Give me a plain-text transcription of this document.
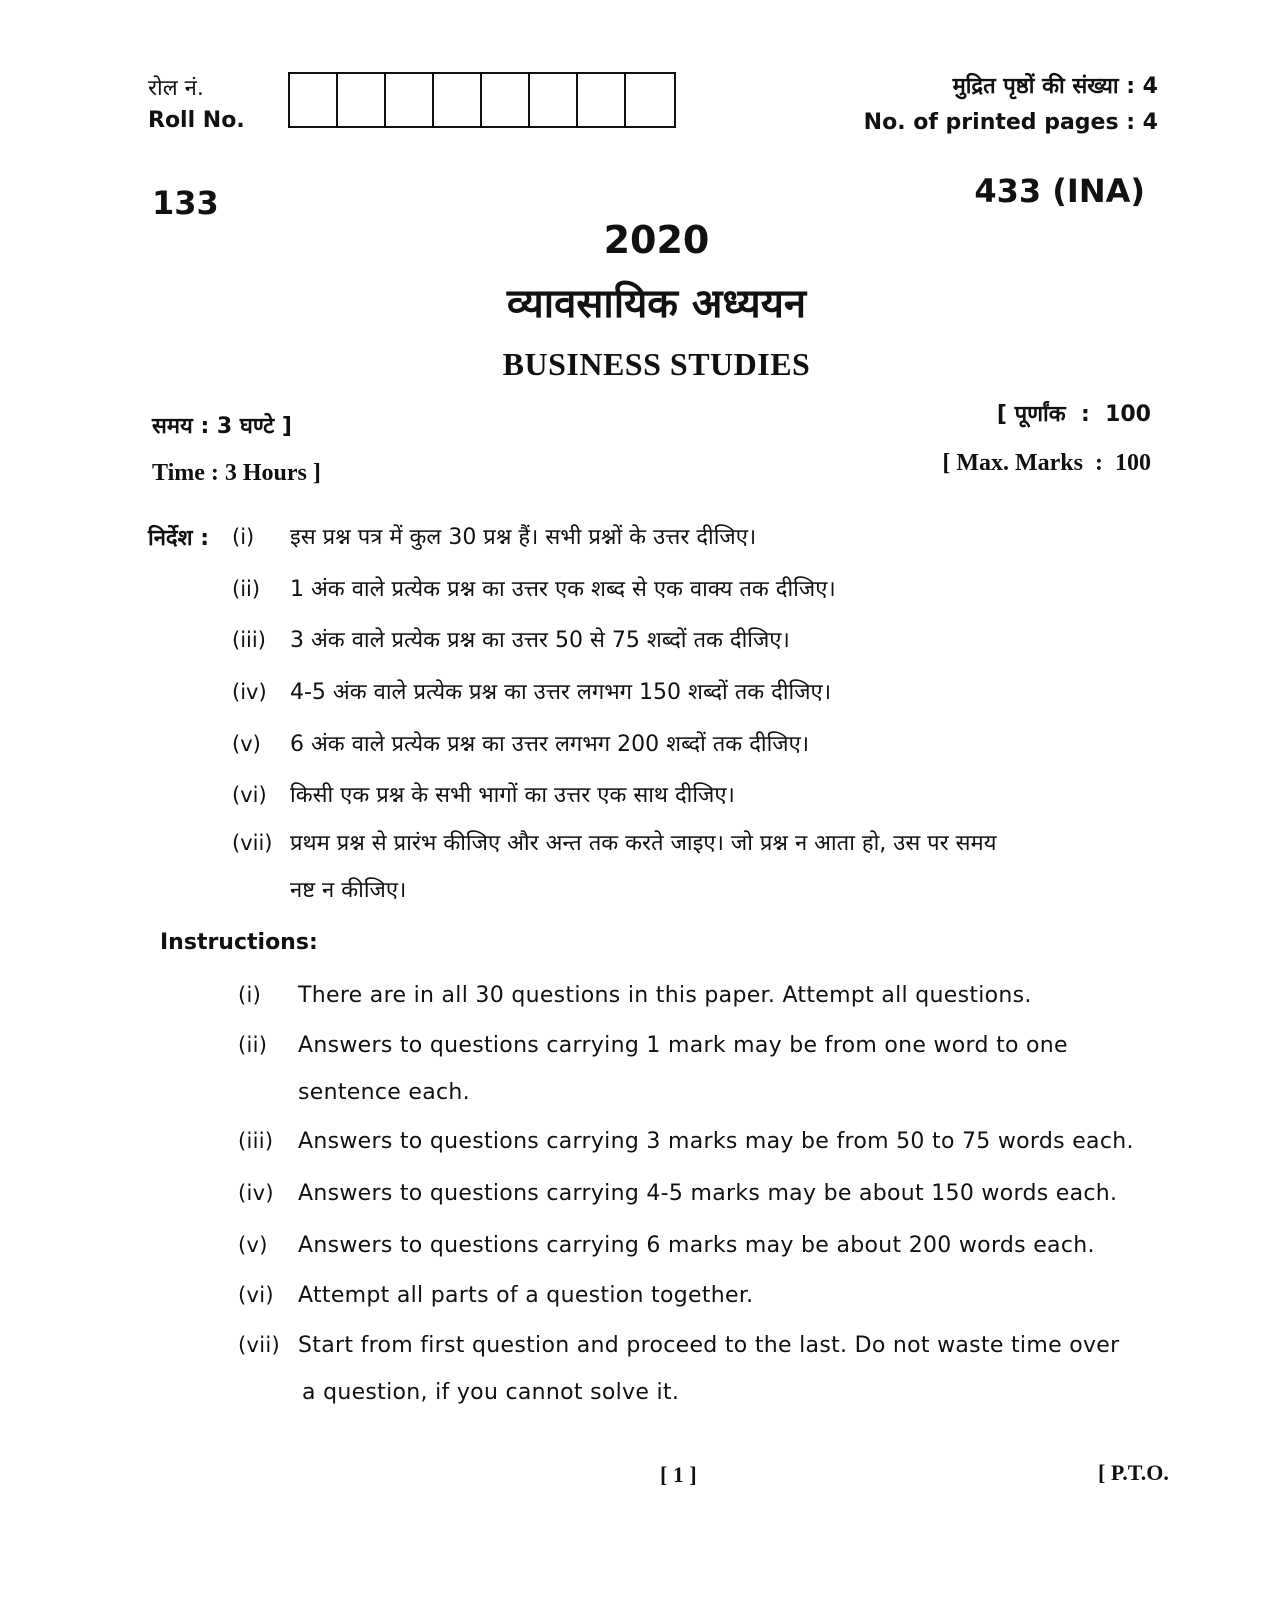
रोल नं.
Roll No.
मुद्रित पृष्ठों की संख्या : 4
No. of printed pages : 4
133	433 (INA)
2020
व्यावसायिक अध्ययन
BUSINESS STUDIES
समय : 3 घण्टे ]
Time : 3 Hours ]
[ पूर्णांक  :  100
[ Max. Marks  :  100
निर्देश : (i) इस प्रश्न पत्र में कुल 30 प्रश्न हैं। सभी प्रश्नों के उत्तर दीजिए।
(ii) 1 अंक वाले प्रत्येक प्रश्न का उत्तर एक शब्द से एक वाक्य तक दीजिए।
(iii) 3 अंक वाले प्रत्येक प्रश्न का उत्तर 50 से 75 शब्दों तक दीजिए।
(iv) 4-5 अंक वाले प्रत्येक प्रश्न का उत्तर लगभग 150 शब्दों तक दीजिए।
(v) 6 अंक वाले प्रत्येक प्रश्न का उत्तर लगभग 200 शब्दों तक दीजिए।
(vi) किसी एक प्रश्न के सभी भागों का उत्तर एक साथ दीजिए।
(vii) प्रथम प्रश्न से प्रारंभ कीजिए और अन्त तक करते जाइए। जो प्रश्न न आता हो, उस पर समय
नष्ट न कीजिए।
Instructions:
(i) There are in all 30 questions in this paper. Attempt all questions.
(ii) Answers to questions carrying 1 mark may be from one word to one
sentence each.
(iii) Answers to questions carrying 3 marks may be from 50 to 75 words each.
(iv) Answers to questions carrying 4-5 marks may be about 150 words each.
(v) Answers to questions carrying 6 marks may be about 200 words each.
(vi) Attempt all parts of a question together.
(vii) Start from first question and proceed to the last. Do not waste time over
a question, if you cannot solve it.
[ 1 ]	[ P.T.O.
